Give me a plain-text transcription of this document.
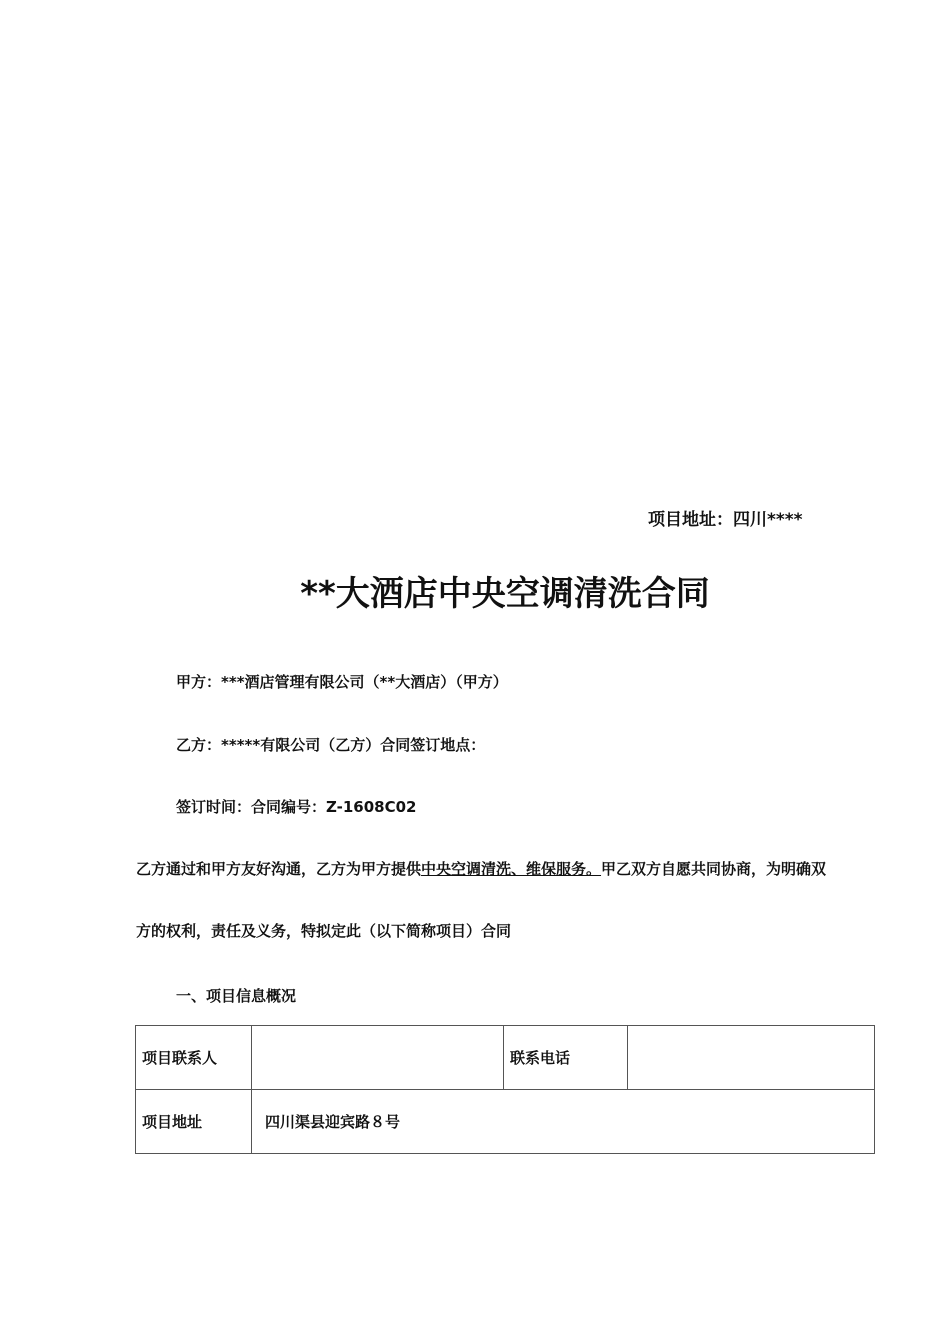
项目地址：四川****
**大酒店中央空调清洗合同
甲方：***酒店管理有限公司（**大酒店）（甲方）
乙方：*****有限公司（乙方）合同签订地点：
签订时间：合同编号：Z-1608C02
乙方通过和甲方友好沟通，乙方为甲方提供中央空调清洗、维保服务。甲乙双方自愿共同协商，为明确双
方的权利，责任及义务，特拟定此（以下简称项目）合同
一、项目信息概况
项目联系人		联系电话	
项目地址	四川渠县迎宾路８号		
